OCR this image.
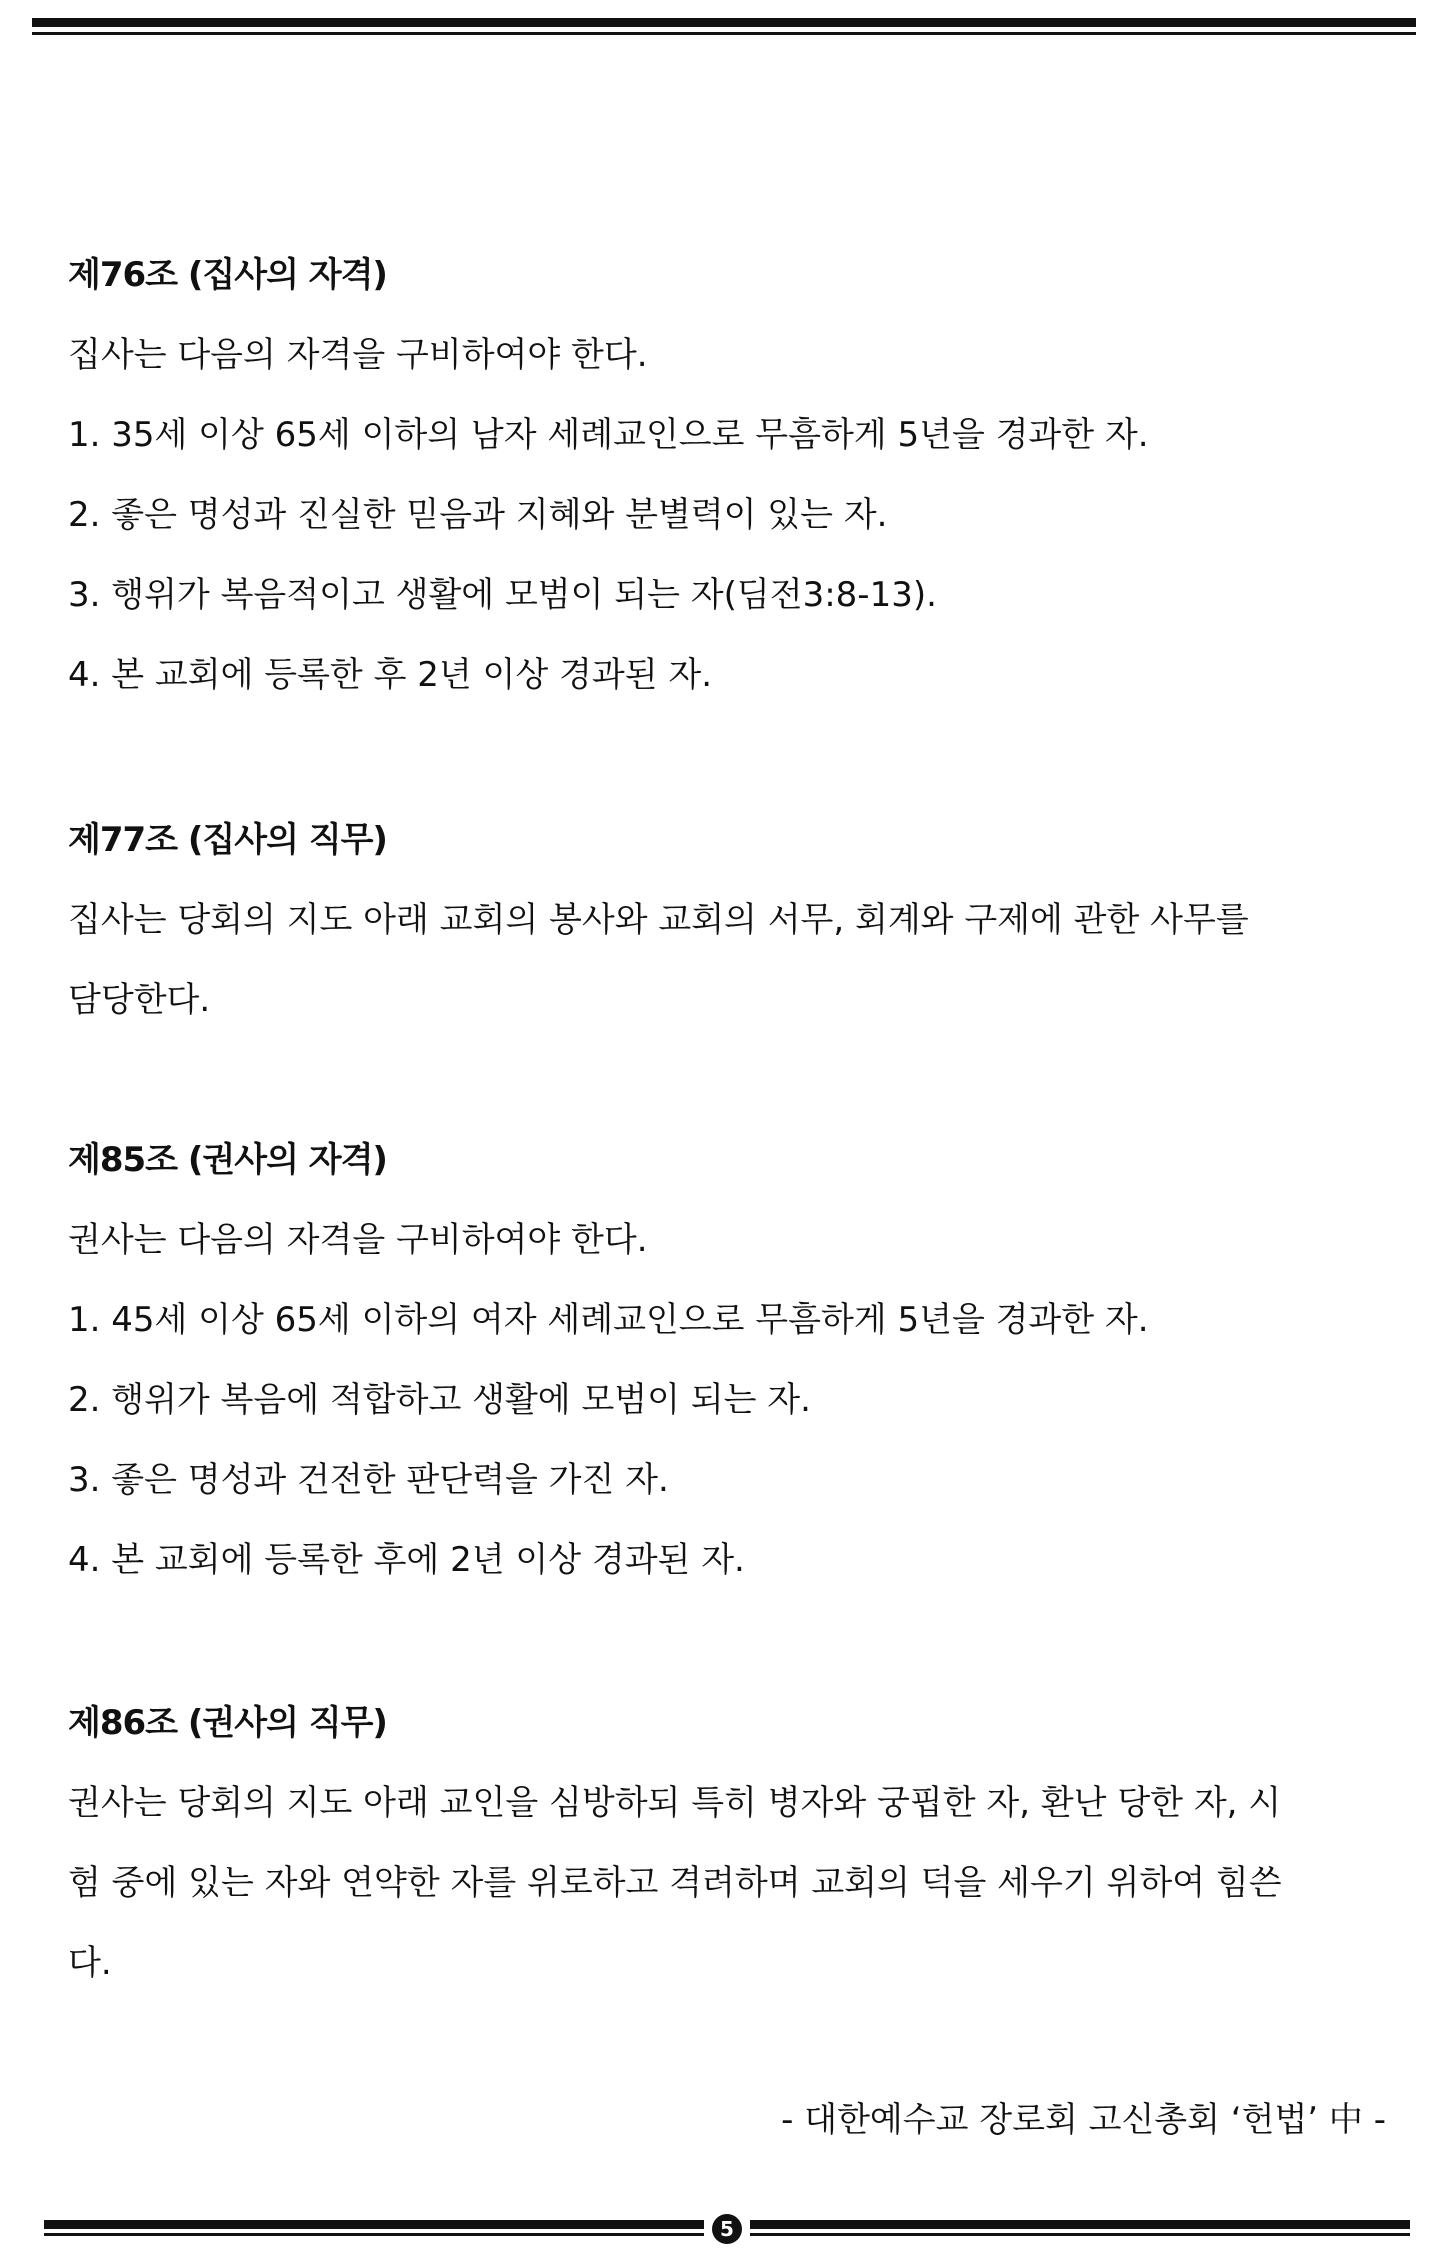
제76조 (집사의 자격)
집사는 다음의 자격을 구비하여야 한다.
1. 35세 이상 65세 이하의 남자 세례교인으로 무흠하게 5년을 경과한 자.
2. 좋은 명성과 진실한 믿음과 지혜와 분별력이 있는 자.
3. 행위가 복음적이고 생활에 모범이 되는 자(딤전3:8-13).
4. 본 교회에 등록한 후 2년 이상 경과된 자.
제77조 (집사의 직무)
집사는 당회의 지도 아래 교회의 봉사와 교회의 서무, 회계와 구제에 관한 사무를
담당한다.
제85조 (권사의 자격)
권사는 다음의 자격을 구비하여야 한다.
1. 45세 이상 65세 이하의 여자 세례교인으로 무흠하게 5년을 경과한 자.
2. 행위가 복음에 적합하고 생활에 모범이 되는 자.
3. 좋은 명성과 건전한 판단력을 가진 자.
4. 본 교회에 등록한 후에 2년 이상 경과된 자.
제86조 (권사의 직무)
권사는 당회의 지도 아래 교인을 심방하되 특히 병자와 궁핍한 자, 환난 당한 자, 시
험 중에 있는 자와 연약한 자를 위로하고 격려하며 교회의 덕을 세우기 위하여 힘쓴
다.
- 대한예수교 장로회 고신총회 ‘헌법’ 中 -
5
